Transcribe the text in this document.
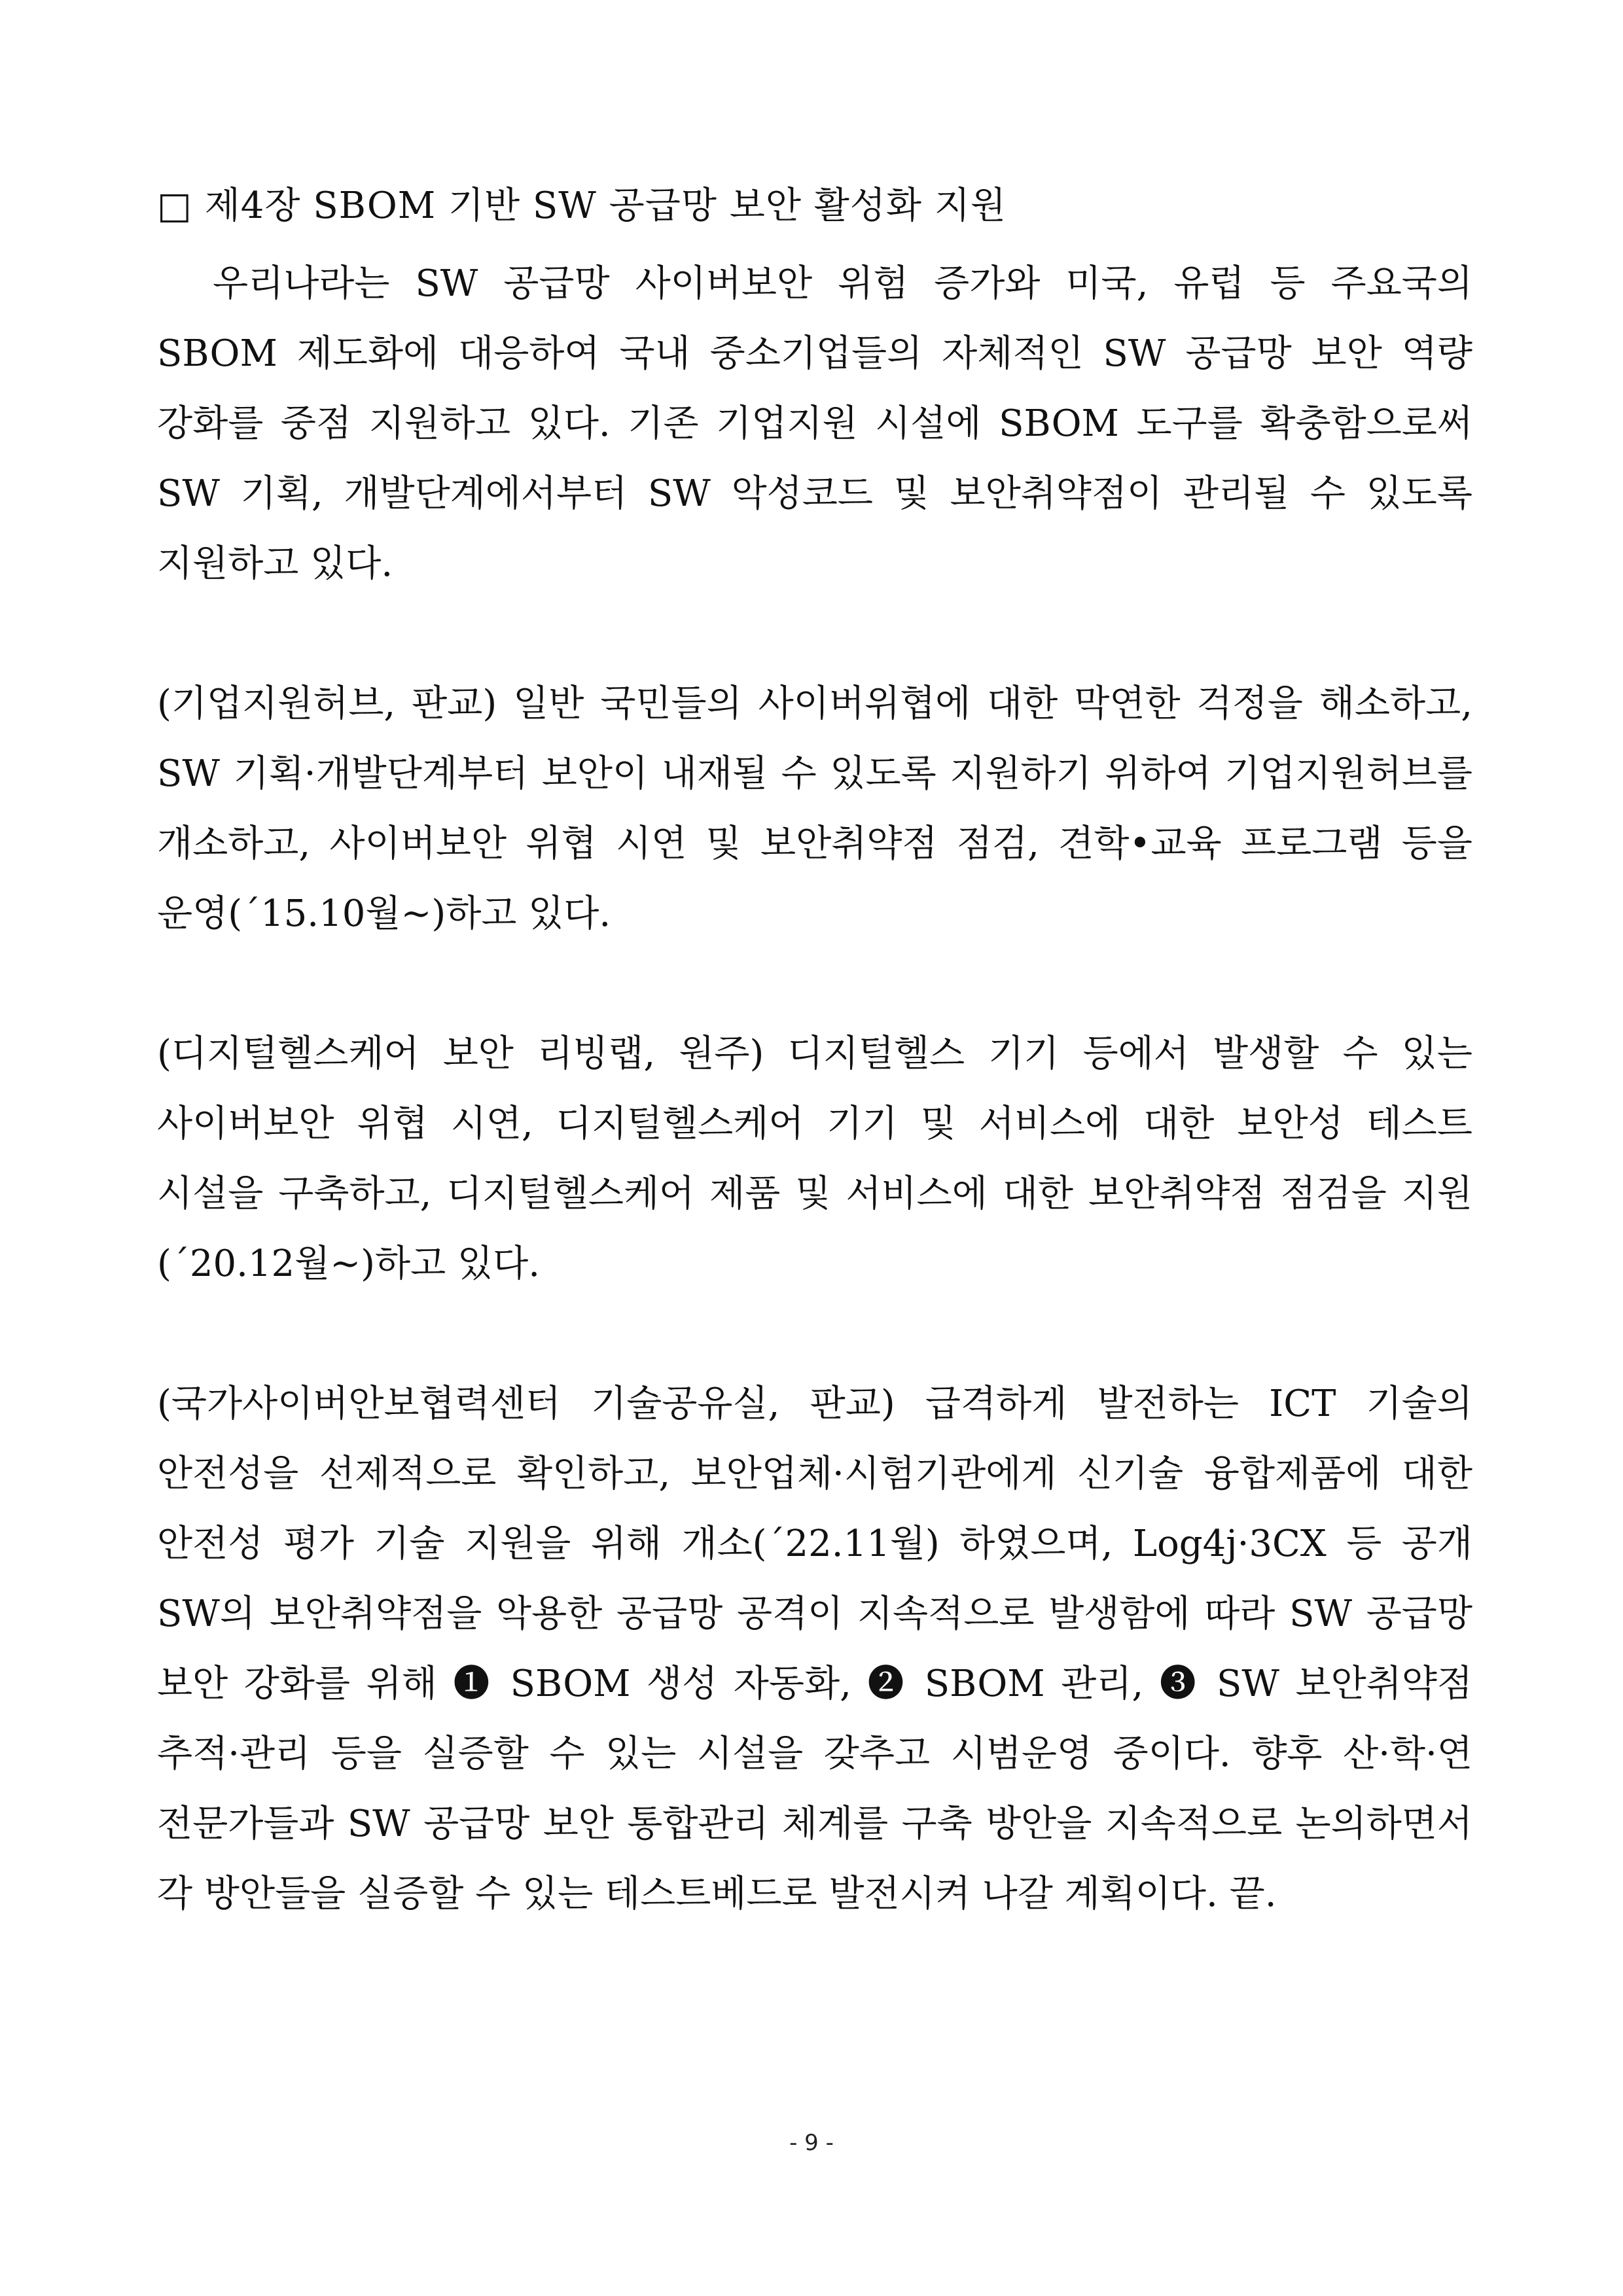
□ 제4장 SBOM 기반 SW 공급망 보안 활성화 지원

우리나라는 SW 공급망 사이버보안 위험 증가와 미국, 유럽 등 주요국의 SBOM 제도화에 대응하여 국내 중소기업들의 자체적인 SW 공급망 보안 역량 강화를 중점 지원하고 있다. 기존 기업지원 시설에 SBOM 도구를 확충함으로써 SW 기획, 개발단계에서부터 SW 악성코드 및 보안취약점이 관리될 수 있도록 지원하고 있다.

(기업지원허브, 판교) 일반 국민들의 사이버위협에 대한 막연한 걱정을 해소하고, SW 기획·개발단계부터 보안이 내재될 수 있도록 지원하기 위하여 기업지원허브를 개소하고, 사이버보안 위협 시연 및 보안취약점 점검, 견학•교육 프로그램 등을 운영(´15.10월~)하고 있다.

(디지털헬스케어 보안 리빙랩, 원주) 디지털헬스 기기 등에서 발생할 수 있는 사이버보안 위협 시연, 디지털헬스케어 기기 및 서비스에 대한 보안성 테스트 시설을 구축하고, 디지털헬스케어 제품 및 서비스에 대한 보안취약점 점검을 지원(´20.12월~)하고 있다.

(국가사이버안보협력센터 기술공유실, 판교) 급격하게 발전하는 ICT 기술의 안전성을 선제적으로 확인하고, 보안업체·시험기관에게 신기술 융합제품에 대한 안전성 평가 기술 지원을 위해 개소(´22.11월) 하였으며, Log4j·3CX 등 공개 SW의 보안취약점을 악용한 공급망 공격이 지속적으로 발생함에 따라 SW 공급망 보안 강화를 위해 ❶ SBOM 생성 자동화, ❷ SBOM 관리, ❸ SW 보안취약점 추적·관리 등을 실증할 수 있는 시설을 갖추고 시범운영 중이다. 향후 산·학·연 전문가들과 SW 공급망 보안 통합관리 체계를 구축 방안을 지속적으로 논의하면서 각 방안들을 실증할 수 있는 테스트베드로 발전시켜 나갈 계획이다. 끝.

- 9 -
